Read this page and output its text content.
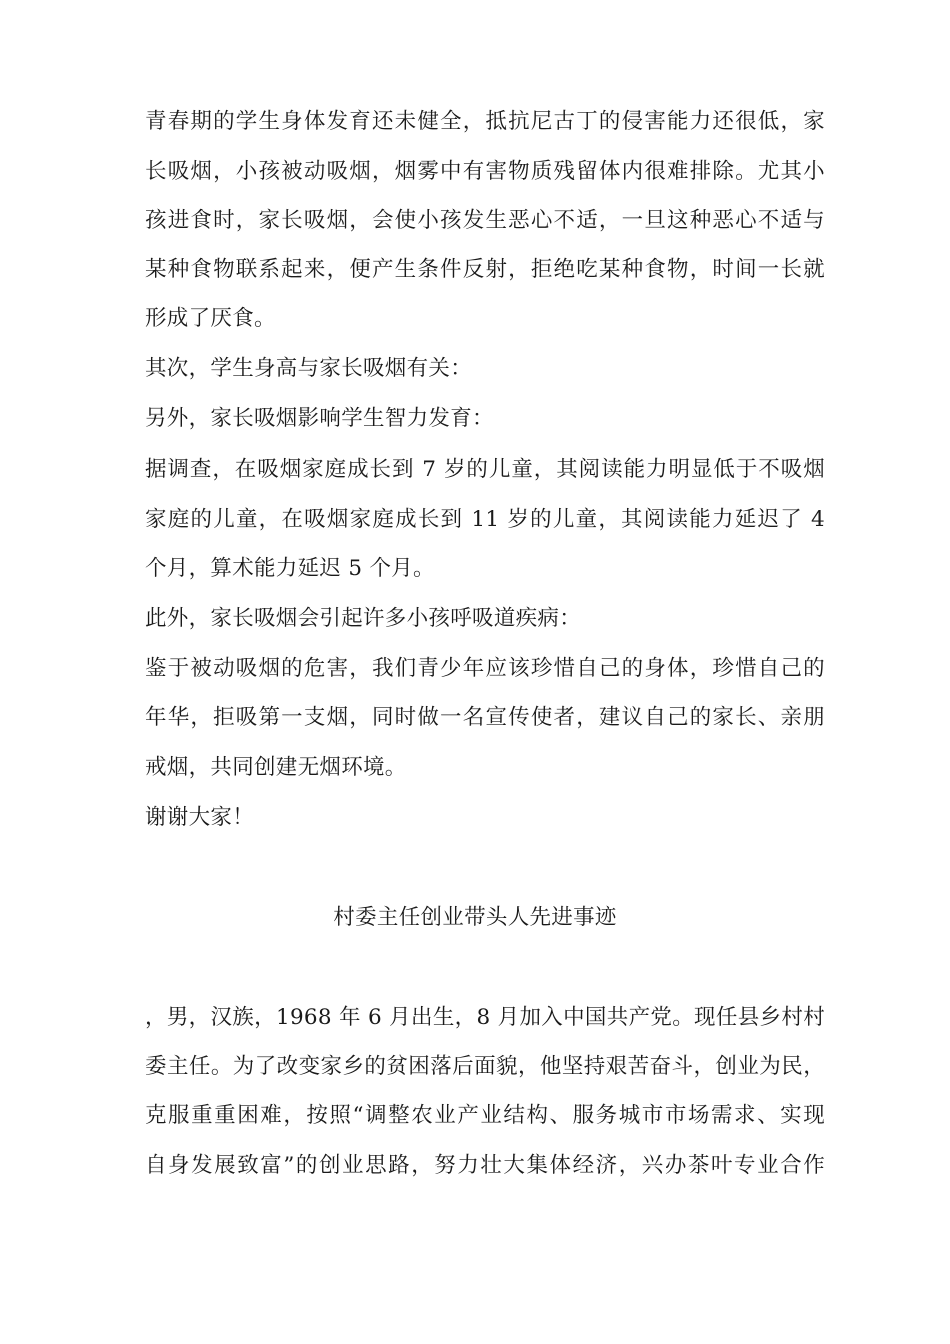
青春期的学生身体发育还未健全，抵抗尼古丁的侵害能力还很低，家
长吸烟，小孩被动吸烟，烟雾中有害物质残留体内很难排除。尤其小
孩进食时，家长吸烟，会使小孩发生恶心不适，一旦这种恶心不适与
某种食物联系起来，便产生条件反射，拒绝吃某种食物，时间一长就
形成了厌食。
其次，学生身高与家长吸烟有关：
另外，家长吸烟影响学生智力发育：
据调查，在吸烟家庭成长到 7 岁的儿童，其阅读能力明显低于不吸烟
家庭的儿童，在吸烟家庭成长到 11 岁的儿童，其阅读能力延迟了 4
个月，算术能力延迟 5 个月。
此外，家长吸烟会引起许多小孩呼吸道疾病：
鉴于被动吸烟的危害，我们青少年应该珍惜自己的身体，珍惜自己的
年华，拒吸第一支烟，同时做一名宣传使者，建议自己的家长、亲朋
戒烟，共同创建无烟环境。
谢谢大家！
村委主任创业带头人先进事迹
，男，汉族，1968 年 6 月出生，8 月加入中国共产党。现任县乡村村
委主任。为了改变家乡的贫困落后面貌，他坚持艰苦奋斗，创业为民，
克服重重困难，按照“调整农业产业结构、服务城市市场需求、实现
自身发展致富”的创业思路，努力壮大集体经济，兴办茶叶专业合作
